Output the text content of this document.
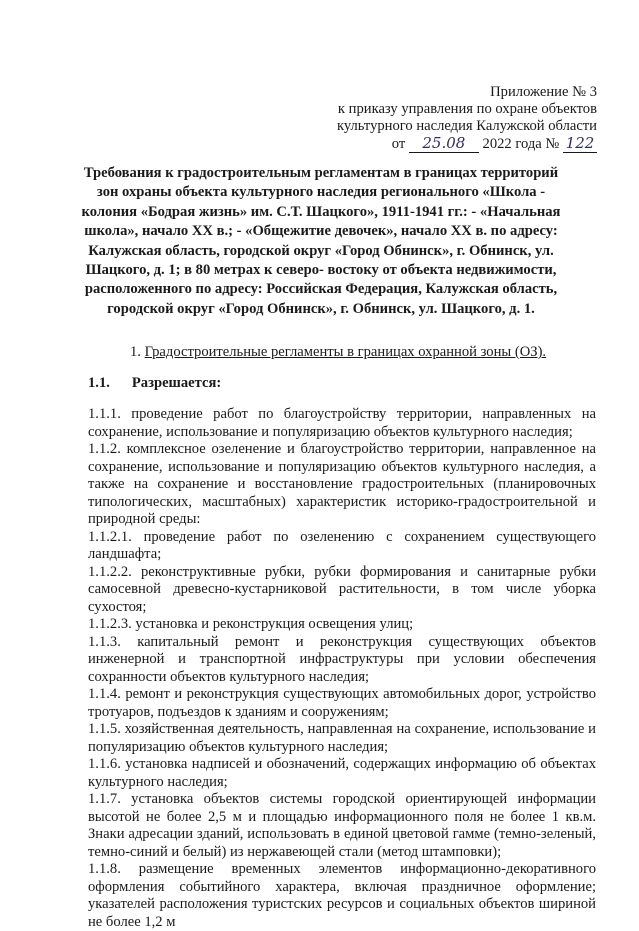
Приложение № 3
к приказу управления по охране объектов
культурного наследия Калужской области
от 25.08 2022 года № 122
Требования к градостроительным регламентам в границах территорий зон охраны объекта культурного наследия регионального «Школа - колония «Бодрая жизнь» им. С.Т. Шацкого», 1911-1941 гг.: - «Начальная школа», начало XX в.; - «Общежитие девочек», начало XX в. по адресу: Калужская область, городской округ «Город Обнинск», г. Обнинск, ул. Шацкого, д. 1; в 80 метрах к северо- востоку от объекта недвижимости, расположенного по адресу: Российская Федерация, Калужская область, городской округ «Город Обнинск», г. Обнинск, ул. Шацкого, д. 1.
1. Градостроительные регламенты в границах охранной зоны (ОЗ).
1.1. Разрешается:

1.1.1. проведение работ по благоустройству территории, направленных на сохранение, использование и популяризацию объектов культурного наследия;

1.1.2. комплексное озеленение и благоустройство территории, направленное на сохранение, использование и популяризацию объектов культурного наследия, а также на сохранение и восстановление градостроительных (планировочных типологических, масштабных) характеристик историко-градостроительной и природной среды:

1.1.2.1. проведение работ по озеленению с сохранением существующего ландшафта;

1.1.2.2. реконструктивные рубки, рубки формирования и санитарные рубки самосевной древесно-кустарниковой растительности, в том числе уборка сухостоя;

1.1.2.3. установка и реконструкция освещения улиц;

1.1.3. капитальный ремонт и реконструкция существующих объектов инженерной и транспортной инфраструктуры при условии обеспечения сохранности объектов культурного наследия;

1.1.4. ремонт и реконструкция существующих автомобильных дорог, устройство тротуаров, подъездов к зданиям и сооружениям;

1.1.5. хозяйственная деятельность, направленная на сохранение, использование и популяризацию объектов культурного наследия;

1.1.6. установка надписей и обозначений, содержащих информацию об объектах культурного наследия;

1.1.7. установка объектов системы городской ориентирующей информации высотой не более 2,5 м и площадью информационного поля не более 1 кв.м. Знаки адресации зданий, использовать в единой цветовой гамме (темно-зеленый, темно-синий и белый) из нержавеющей стали (метод штамповки);

1.1.8. размещение временных элементов информационно-декоративного оформления событийного характера, включая праздничное оформление; указателей расположения туристских ресурсов и социальных объектов шириной не более 1,2 м
